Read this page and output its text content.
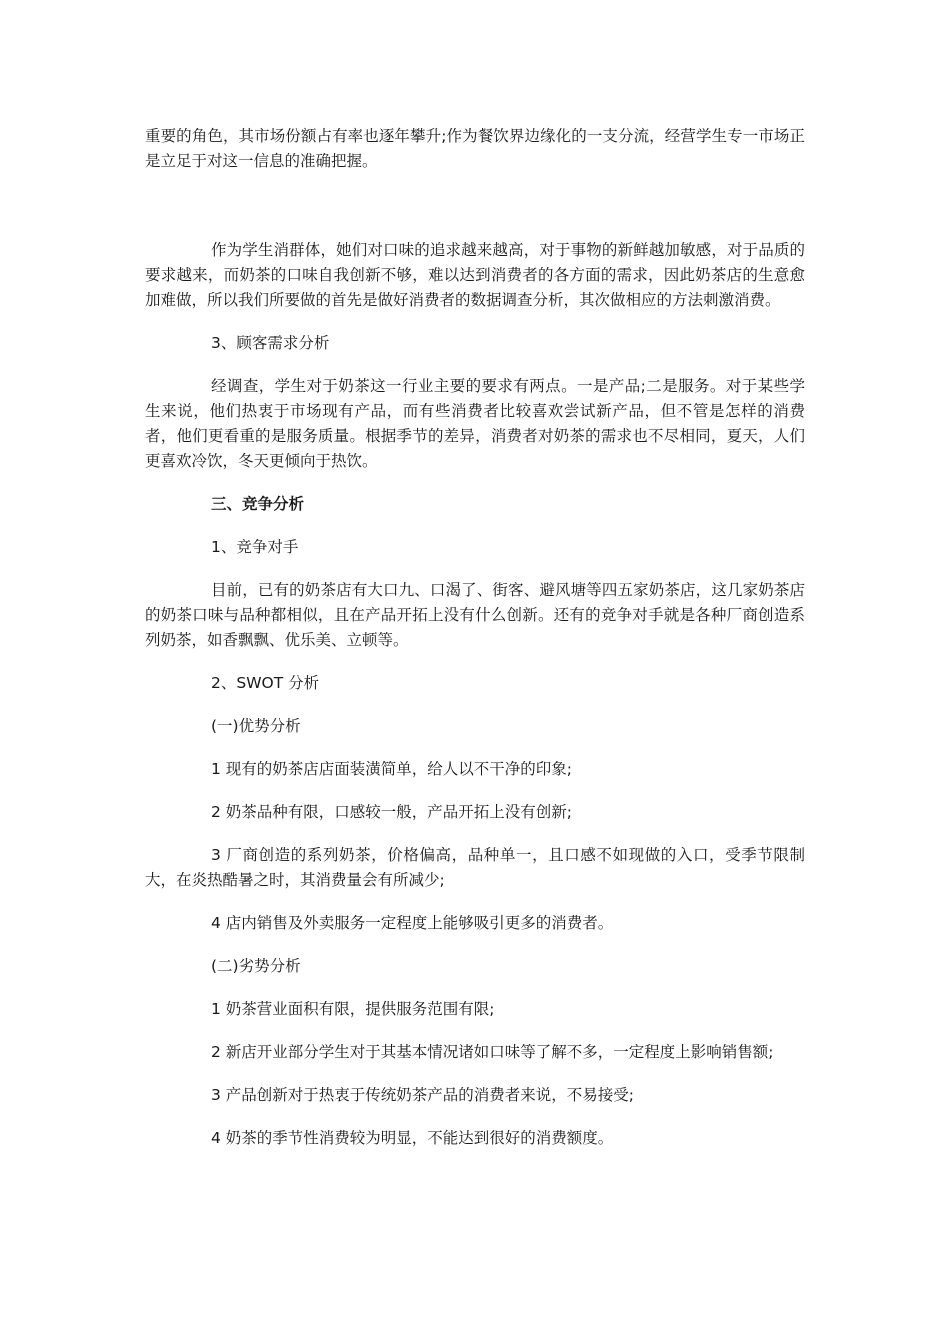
重要的角色，其市场份额占有率也逐年攀升;作为餐饮界边缘化的一支分流，经营学生专一市场正是立足于对这一信息的准确把握。

作为学生消群体，她们对口味的追求越来越高，对于事物的新鲜越加敏感，对于品质的要求越来，而奶茶的口味自我创新不够，难以达到消费者的各方面的需求，因此奶茶店的生意愈加难做，所以我们所要做的首先是做好消费者的数据调查分析，其次做相应的方法刺激消费。

3、顾客需求分析

经调查，学生对于奶茶这一行业主要的要求有两点。一是产品;二是服务。对于某些学生来说，他们热衷于市场现有产品，而有些消费者比较喜欢尝试新产品，但不管是怎样的消费者，他们更看重的是服务质量。根据季节的差异，消费者对奶茶的需求也不尽相同，夏天，人们更喜欢冷饮，冬天更倾向于热饮。

三、竞争分析

1、竞争对手

目前，已有的奶茶店有大口九、口渴了、街客、避风塘等四五家奶茶店，这几家奶茶店的奶茶口味与品种都相似，且在产品开拓上没有什么创新。还有的竞争对手就是各种厂商创造系列奶茶，如香飘飘、优乐美、立顿等。

2、SWOT 分析

(一)优势分析

1 现有的奶茶店店面装潢简单，给人以不干净的印象;

2 奶茶品种有限，口感较一般，产品开拓上没有创新;

3 厂商创造的系列奶茶，价格偏高，品种单一，且口感不如现做的入口，受季节限制大，在炎热酷暑之时，其消费量会有所减少;

4 店内销售及外卖服务一定程度上能够吸引更多的消费者。

(二)劣势分析

1 奶茶营业面积有限，提供服务范围有限;

2 新店开业部分学生对于其基本情况诸如口味等了解不多，一定程度上影响销售额;

3 产品创新对于热衷于传统奶茶产品的消费者来说，不易接受;

4 奶茶的季节性消费较为明显，不能达到很好的消费额度。
